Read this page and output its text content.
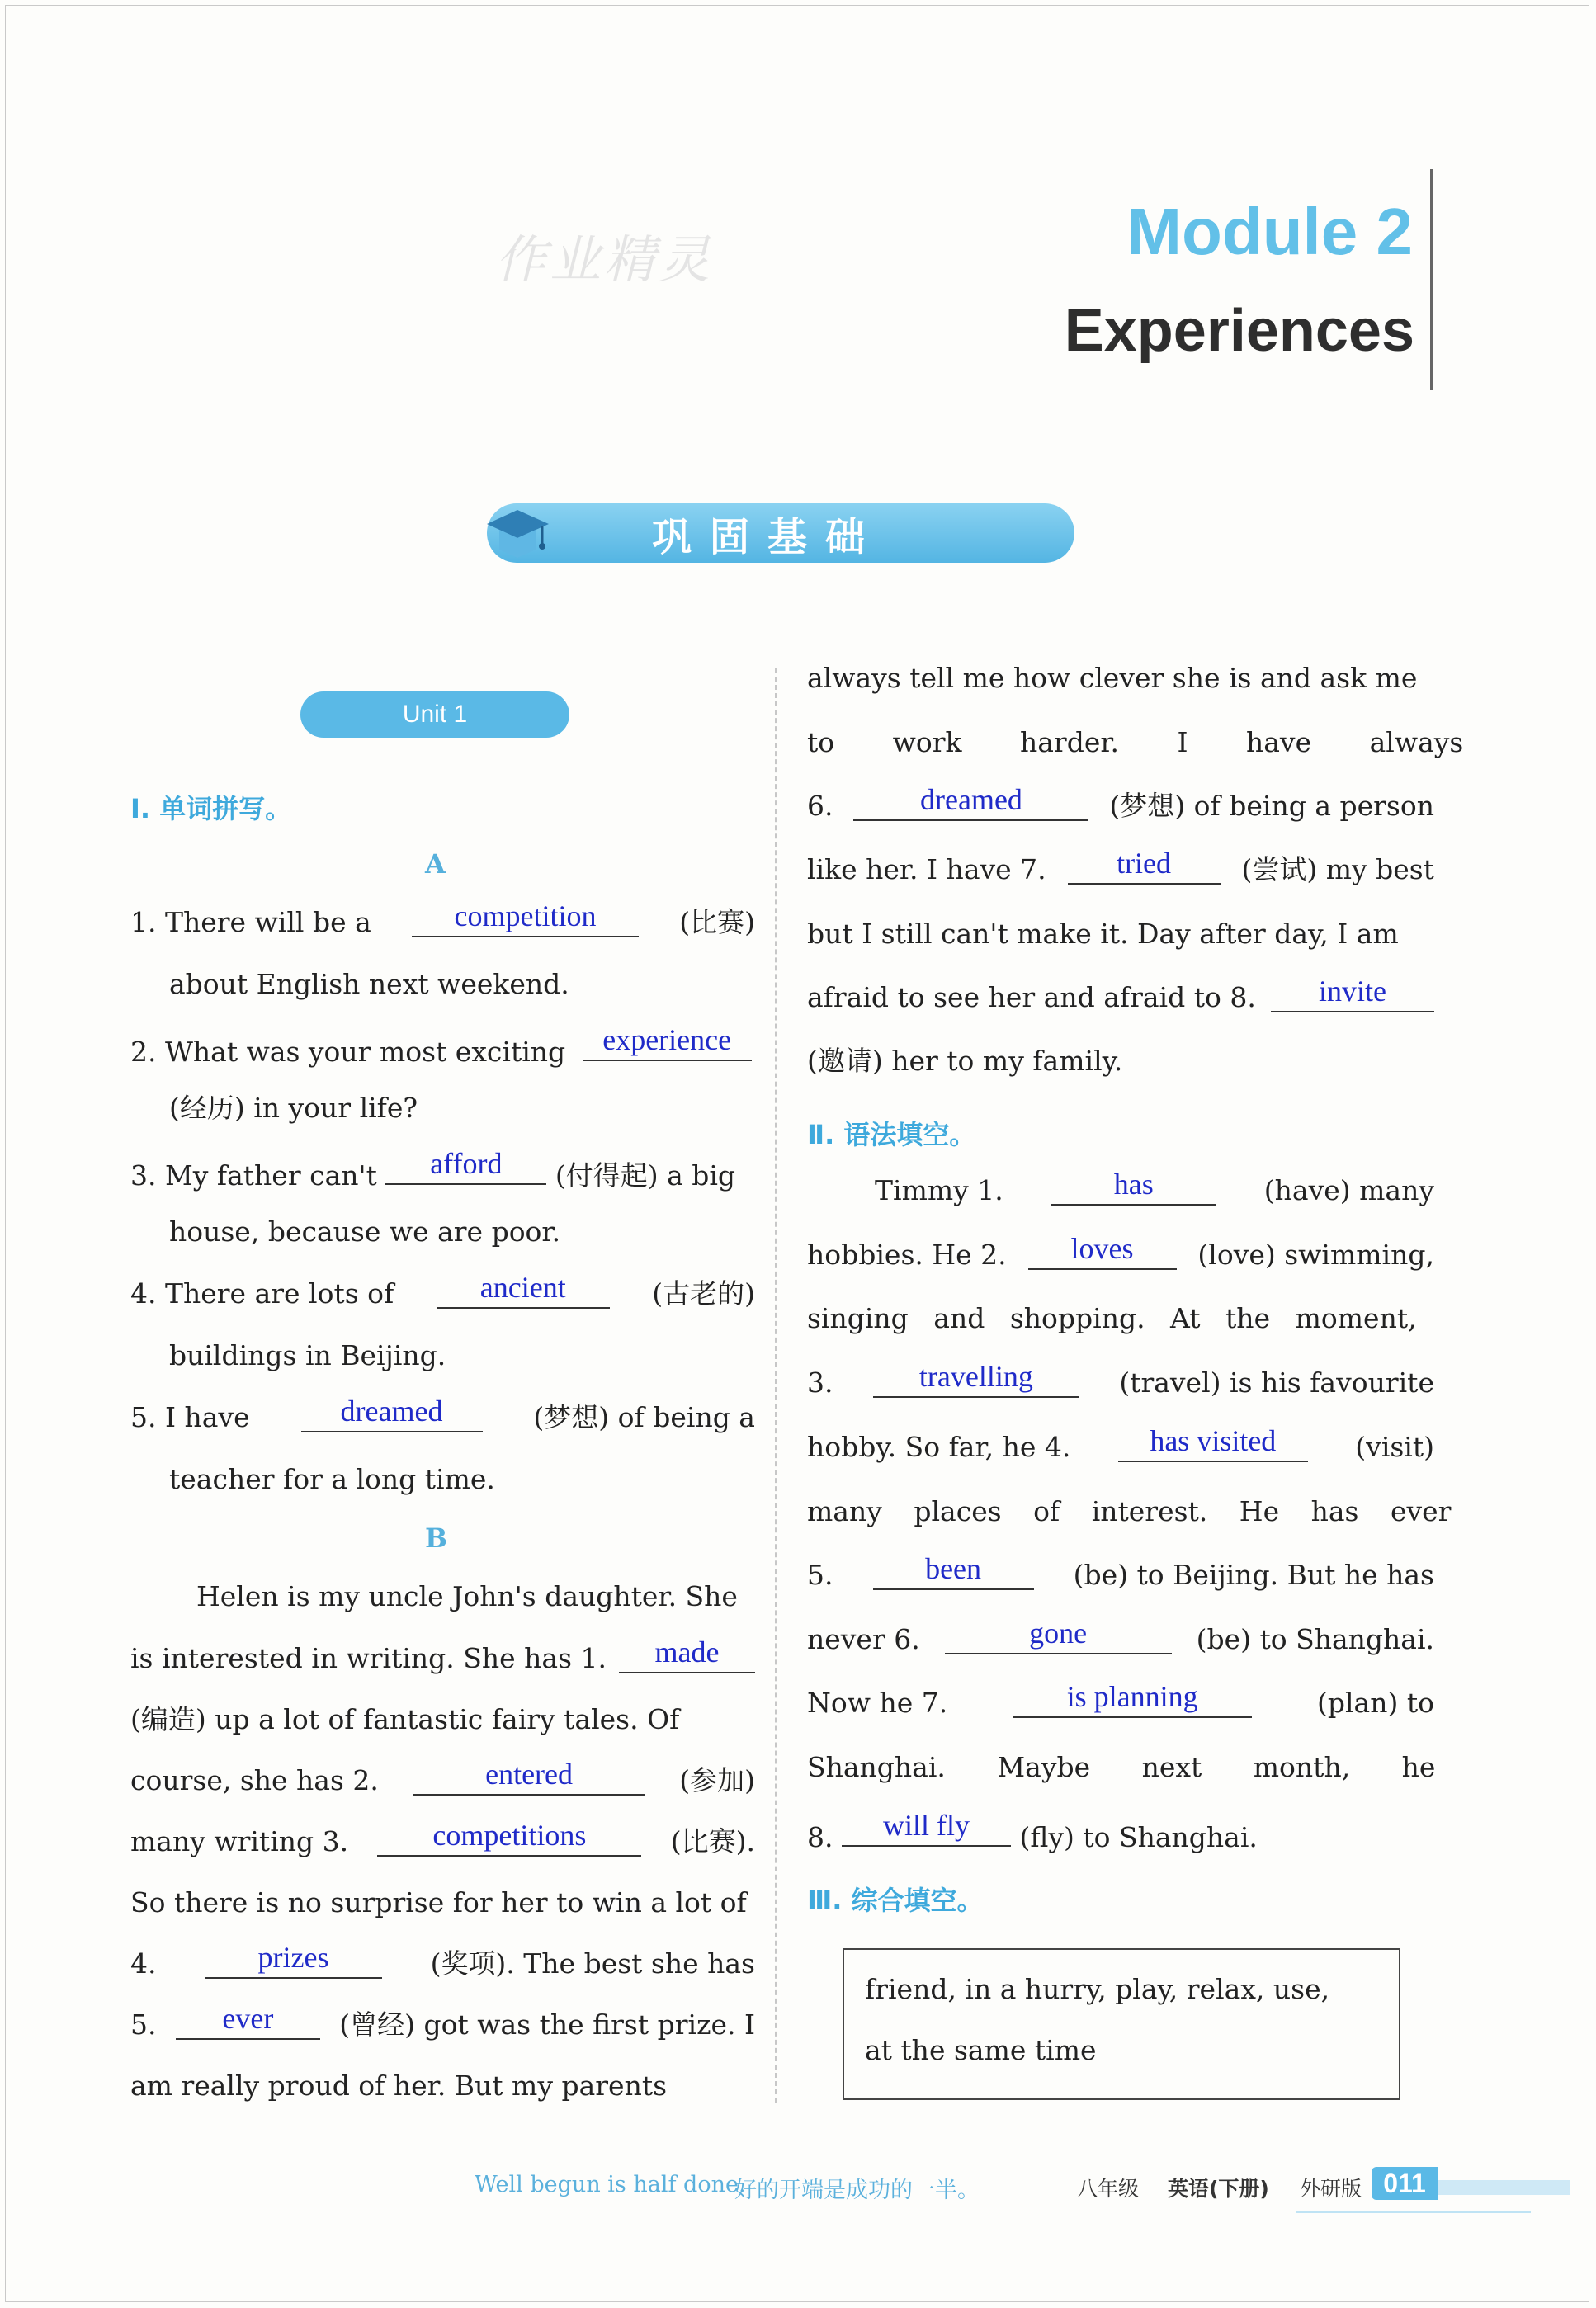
作业精灵	Module 2
Experiences
巩固基础
Unit 1
Ⅰ. 单词拼写。
A
1. There will be a	competition	(比赛)
about English next weekend.
2. What was your most exciting	experience
(经历) in your life?
3. My father can't	afford	(付得起) a big
house, because we are poor.
4. There are lots of	ancient	(古老的)
buildings in Beijing.
5. I have	dreamed	(梦想) of being a
teacher for a long time.
B
Helen is my uncle John's daughter. She
is interested in writing. She has 1.	made
(编造) up a lot of fantastic fairy tales. Of
course, she has 2.	entered	(参加)
many writing 3.	competitions	(比赛).
So there is no surprise for her to win a lot of
4.	prizes	(奖项). The best she has
5.	ever	(曾经) got was the first prize. I
am really proud of her. But my parents
always tell me how clever she is and ask me
to work harder. I have always
6.	dreamed	(梦想) of being a person
like her. I have 7.	tried	(尝试) my best
but I still can't make it. Day after day, I am
afraid to see her and afraid to 8.	invite
(邀请) her to my family.
Ⅱ. 语法填空。
Timmy 1.	has	(have) many
hobbies. He 2.	loves	(love) swimming,
singing and shopping. At the moment,
3.	travelling	(travel) is his favourite
hobby. So far, he 4.	has visited	(visit)
many places of interest. He has ever
5.	been	(be) to Beijing. But he has
never 6.	gone	(be) to Shanghai.
Now he 7.	is planning	(plan) to
Shanghai. Maybe next month, he
8.	will fly	(fly) to Shanghai.
Ⅲ. 综合填空。
friend, in a hurry, play, relax, use,
at the same time
Well begun is half done.
好的开端是成功的一半。	八年级 英语(下册) 外研版 011
